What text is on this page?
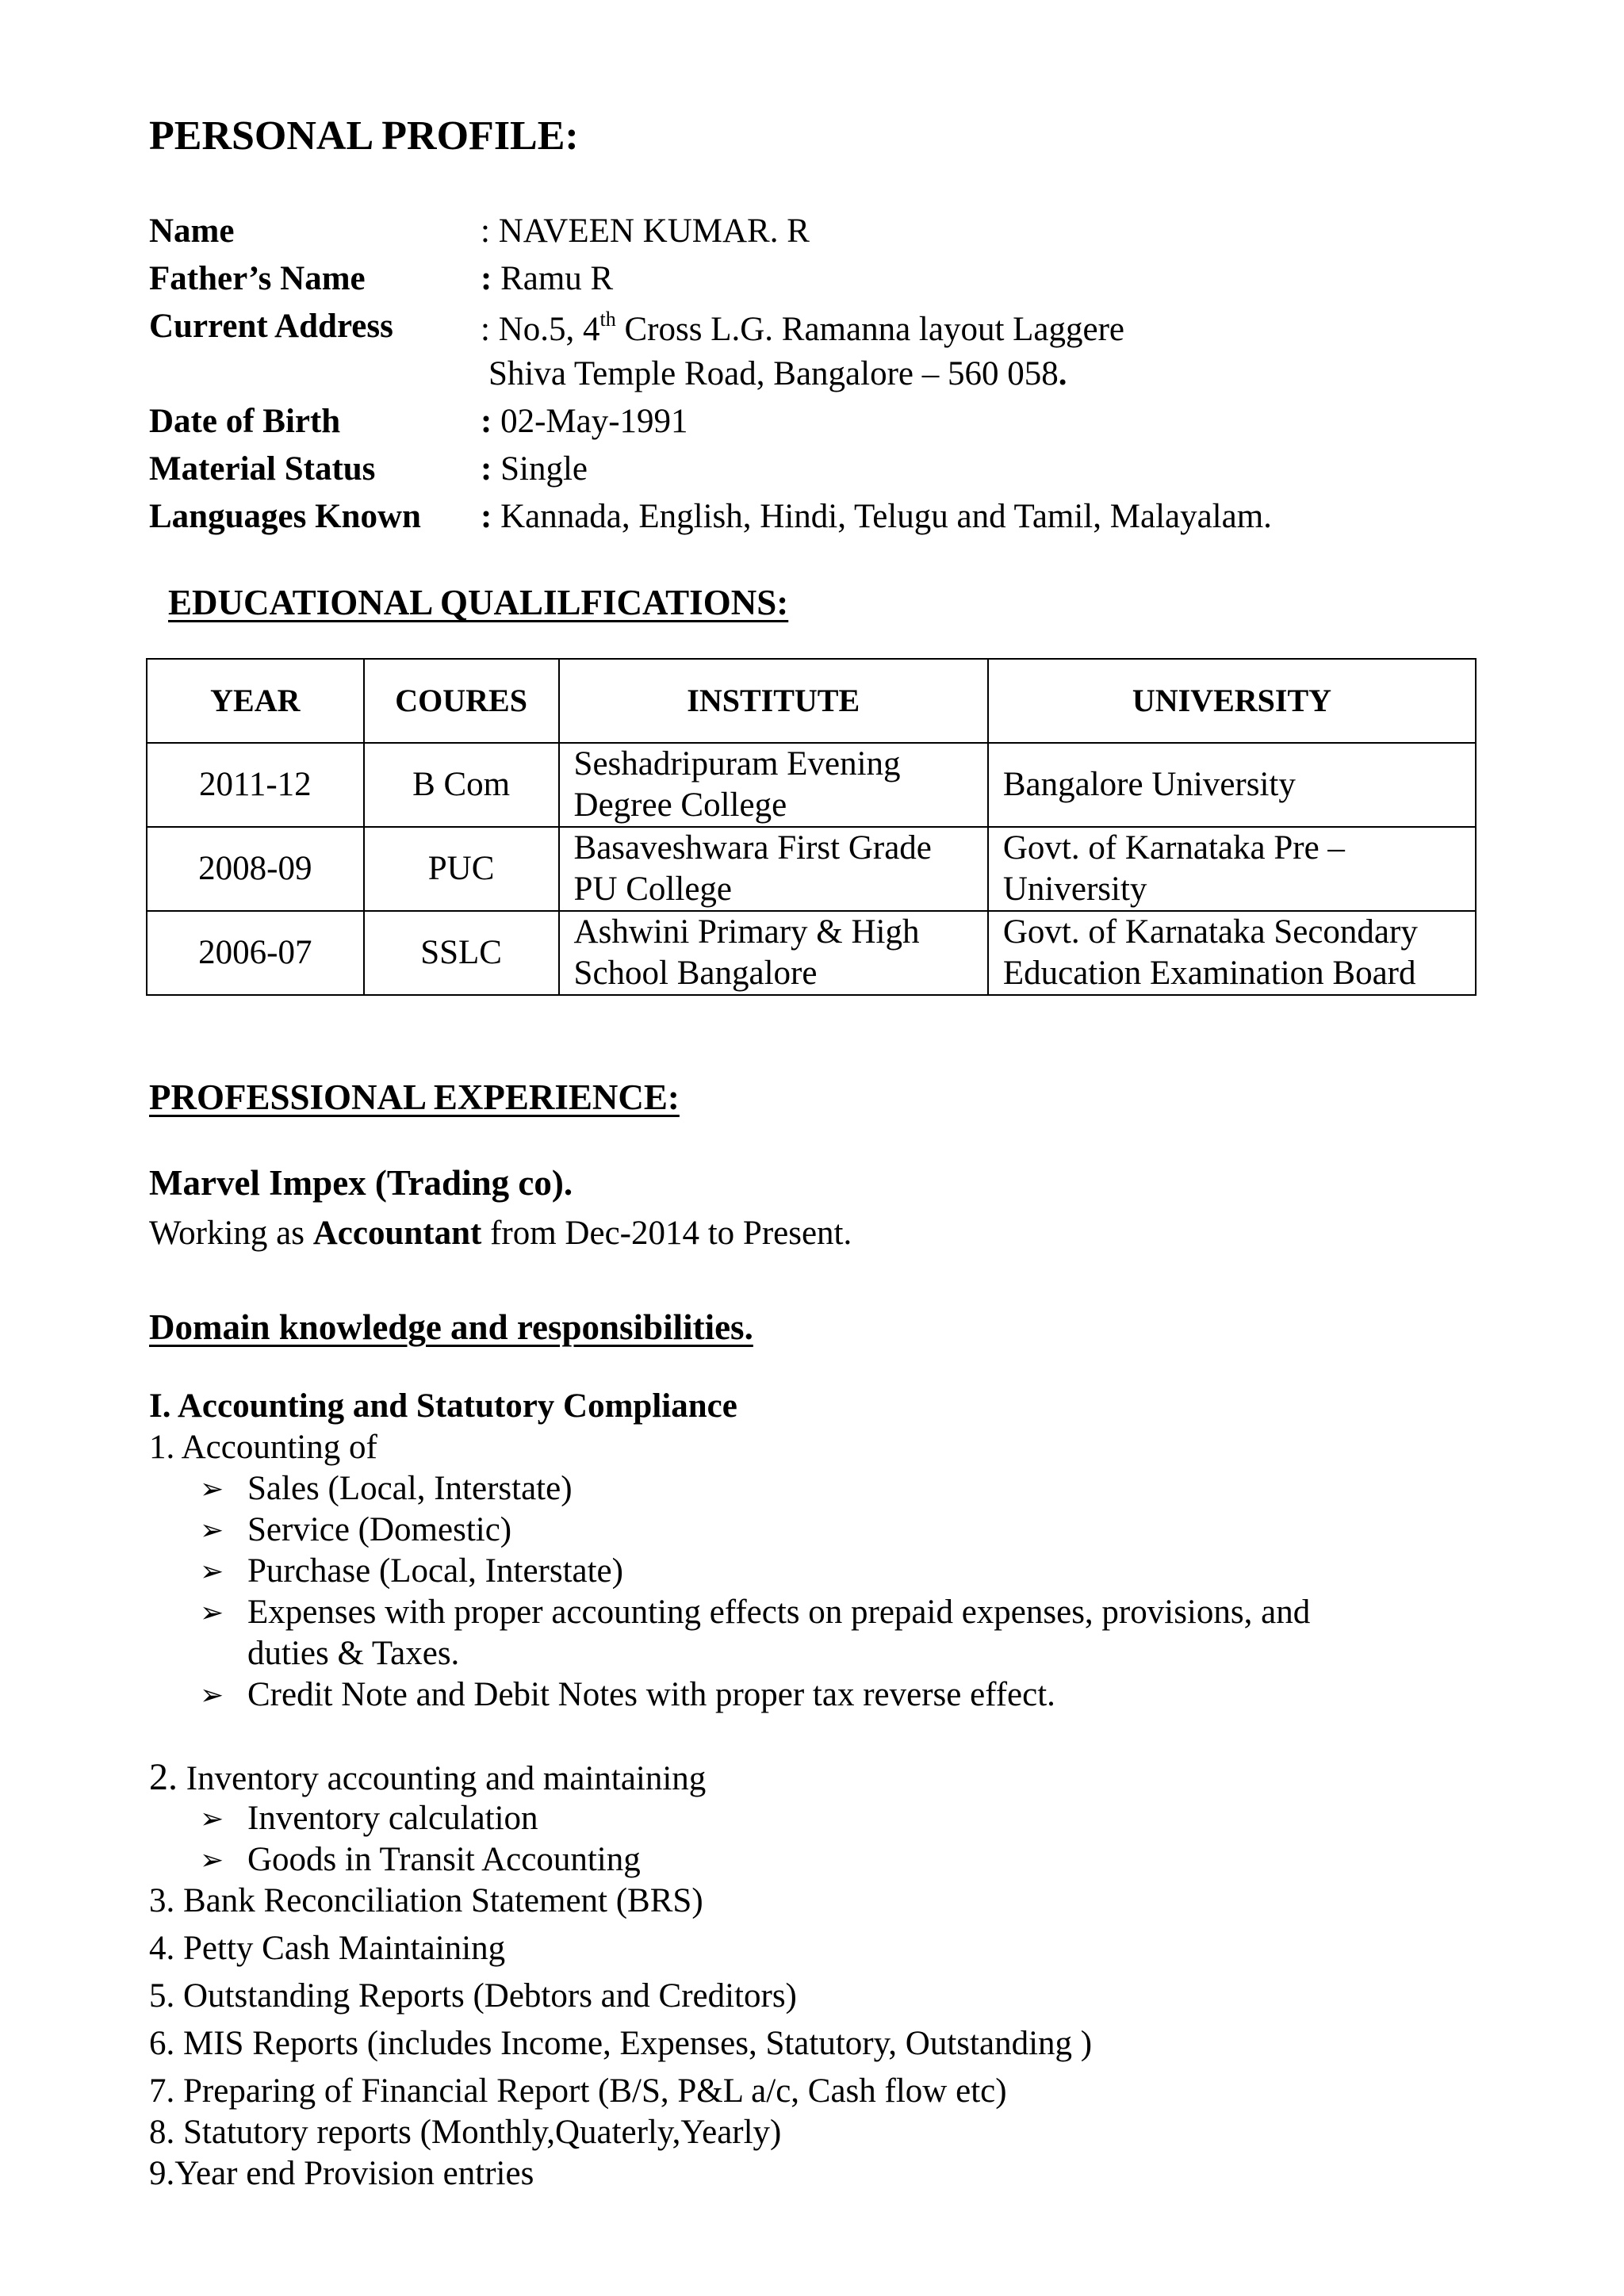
PERSONAL PROFILE:
Name	: NAVEEN KUMAR. R
Father’s Name	: Ramu R
Current Address	: No.5, 4th Cross L.G. Ramanna layout Laggere
Shiva Temple Road, Bangalore – 560 058.
Date of Birth	: 02-May-1991
Material Status	: Single
Languages Known : Kannada, English, Hindi, Telugu and Tamil, Malayalam.
EDUCATIONAL QUALILFICATIONS:
YEAR	COURES	INSTITUTE	UNIVERSITY
2011-12	B Com	Seshadripuram Evening Degree College	Bangalore University
2008-09	PUC	Basaveshwara First Grade PU College	Govt. of Karnataka Pre – University
2006-07	SSLC	Ashwini Primary & High School Bangalore	Govt. of Karnataka Secondary Education Examination Board
PROFESSIONAL EXPERIENCE:
Marvel Impex (Trading co).
Working as Accountant from Dec-2014 to Present.
Domain knowledge and responsibilities.
I. Accounting and Statutory Compliance
1. Accounting of
➢ Sales (Local, Interstate)
➢ Service (Domestic)
➢ Purchase (Local, Interstate)
➢ Expenses with proper accounting effects on prepaid expenses, provisions, and
duties & Taxes.
➢ Credit Note and Debit Notes with proper tax reverse effect.
2. Inventory accounting and maintaining
➢ Inventory calculation
➢ Goods in Transit Accounting
3. Bank Reconciliation Statement (BRS)
4. Petty Cash Maintaining
5. Outstanding Reports (Debtors and Creditors)
6. MIS Reports (includes Income, Expenses, Statutory, Outstanding )
7. Preparing of Financial Report (B/S, P&L a/c, Cash flow etc)
8. Statutory reports (Monthly,Quaterly,Yearly)
9.Year end Provision entries
